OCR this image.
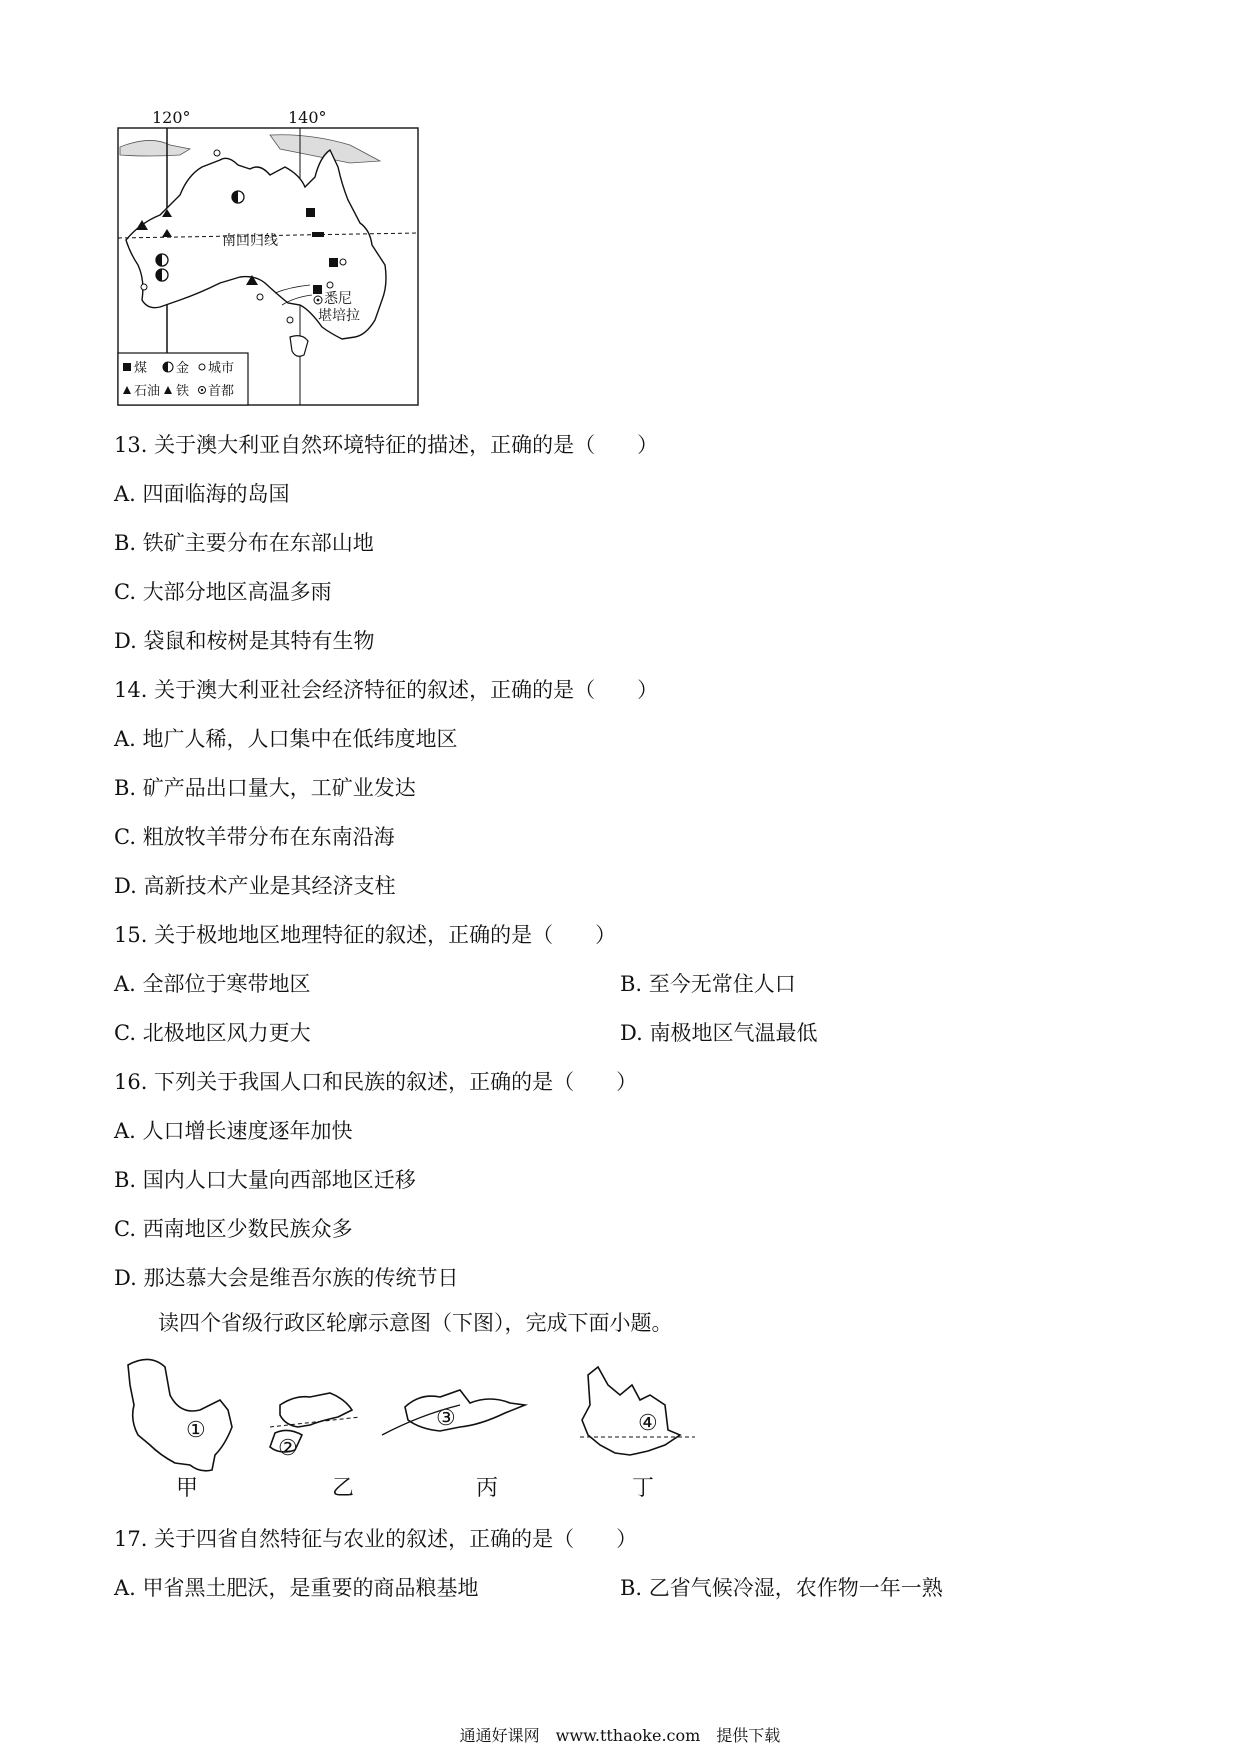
120°	140°
南回归线
悉尼
堪培拉
煤 金 城市
石油 铁 首都
13. 关于澳大利亚自然环境特征的描述，正确的是（　　）
A. 四面临海的岛国
B. 铁矿主要分布在东部山地
C. 大部分地区高温多雨
D. 袋鼠和桉树是其特有生物
14. 关于澳大利亚社会经济特征的叙述，正确的是（　　）
A. 地广人稀，人口集中在低纬度地区
B. 矿产品出口量大，工矿业发达
C. 粗放牧羊带分布在东南沿海
D. 高新技术产业是其经济支柱
15. 关于极地地区地理特征的叙述，正确的是（　　）
A. 全部位于寒带地区	B. 至今无常住人口
C. 北极地区风力更大	D. 南极地区气温最低
16. 下列关于我国人口和民族的叙述，正确的是（　　）
A. 人口增长速度逐年加快
B. 国内人口大量向西部地区迁移
C. 西南地区少数民族众多
D. 那达慕大会是维吾尔族的传统节日
读四个省级行政区轮廓示意图（下图），完成下面小题。
①
甲
②
乙
③
丙
④
丁
17. 关于四省自然特征与农业的叙述，正确的是（　　）
A. 甲省黑土肥沃，是重要的商品粮基地	B. 乙省气候冷湿，农作物一年一熟
通通好课网　www.tthaoke.com　提供下载
